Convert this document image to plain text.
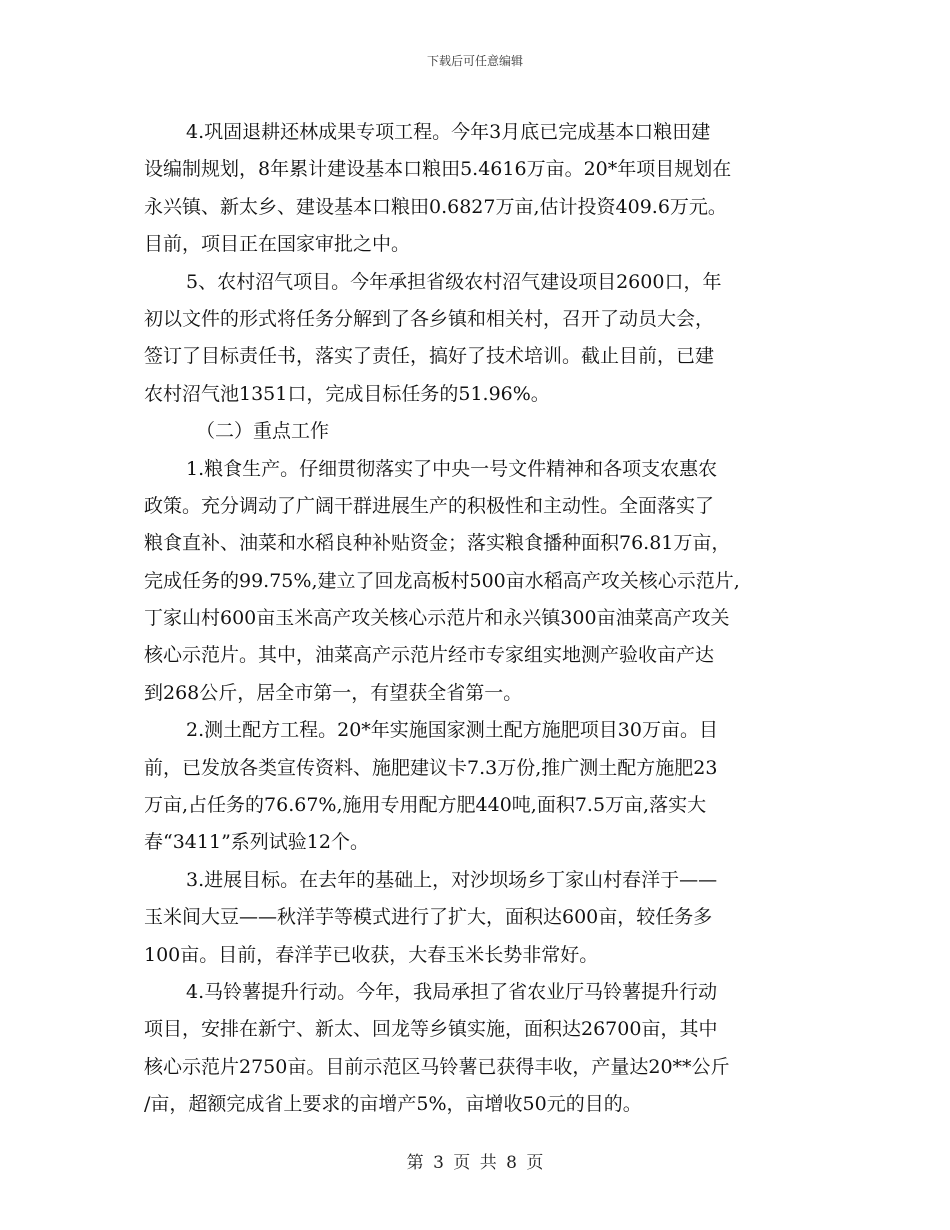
下载后可任意编辑
4.巩固退耕还林成果专项工程。今年3月底已完成基本口粮田建
设编制规划，8年累计建设基本口粮田5.4616万亩。20*年项目规划在
永兴镇、新太乡、建设基本口粮田0.6827万亩,估计投资409.6万元。
目前，项目正在国家审批之中。
5、农村沼气项目。今年承担省级农村沼气建设项目2600口，年
初以文件的形式将任务分解到了各乡镇和相关村，召开了动员大会，
签订了目标责任书，落实了责任，搞好了技术培训。截止目前，已建
农村沼气池1351口，完成目标任务的51.96%。
（二）重点工作
1.粮食生产。仔细贯彻落实了中央一号文件精神和各项支农惠农
政策。充分调动了广阔干群进展生产的积极性和主动性。全面落实了
粮食直补、油菜和水稻良种补贴资金；落实粮食播种面积76.81万亩，
完成任务的99.75%,建立了回龙高板村500亩水稻高产攻关核心示范片,
丁家山村600亩玉米高产攻关核心示范片和永兴镇300亩油菜高产攻关
核心示范片。其中，油菜高产示范片经市专家组实地测产验收亩产达
到268公斤，居全市第一，有望获全省第一。
2.测土配方工程。20*年实施国家测土配方施肥项目30万亩。目
前，已发放各类宣传资料、施肥建议卡7.3万份,推广测土配方施肥23
万亩,占任务的76.67%,施用专用配方肥440吨,面积7.5万亩,落实大
春“3411”系列试验12个。
3.进展目标。在去年的基础上，对沙坝场乡丁家山村春洋于——
玉米间大豆——秋洋芋等模式进行了扩大，面积达600亩，较任务多
100亩。目前，春洋芋已收获，大春玉米长势非常好。
4.马铃薯提升行动。今年，我局承担了省农业厅马铃薯提升行动
项目，安排在新宁、新太、回龙等乡镇实施，面积达26700亩，其中
核心示范片2750亩。目前示范区马铃薯已获得丰收，产量达20**公斤
/亩，超额完成省上要求的亩增产5%，亩增收50元的目的。
第 3 页 共 8 页
